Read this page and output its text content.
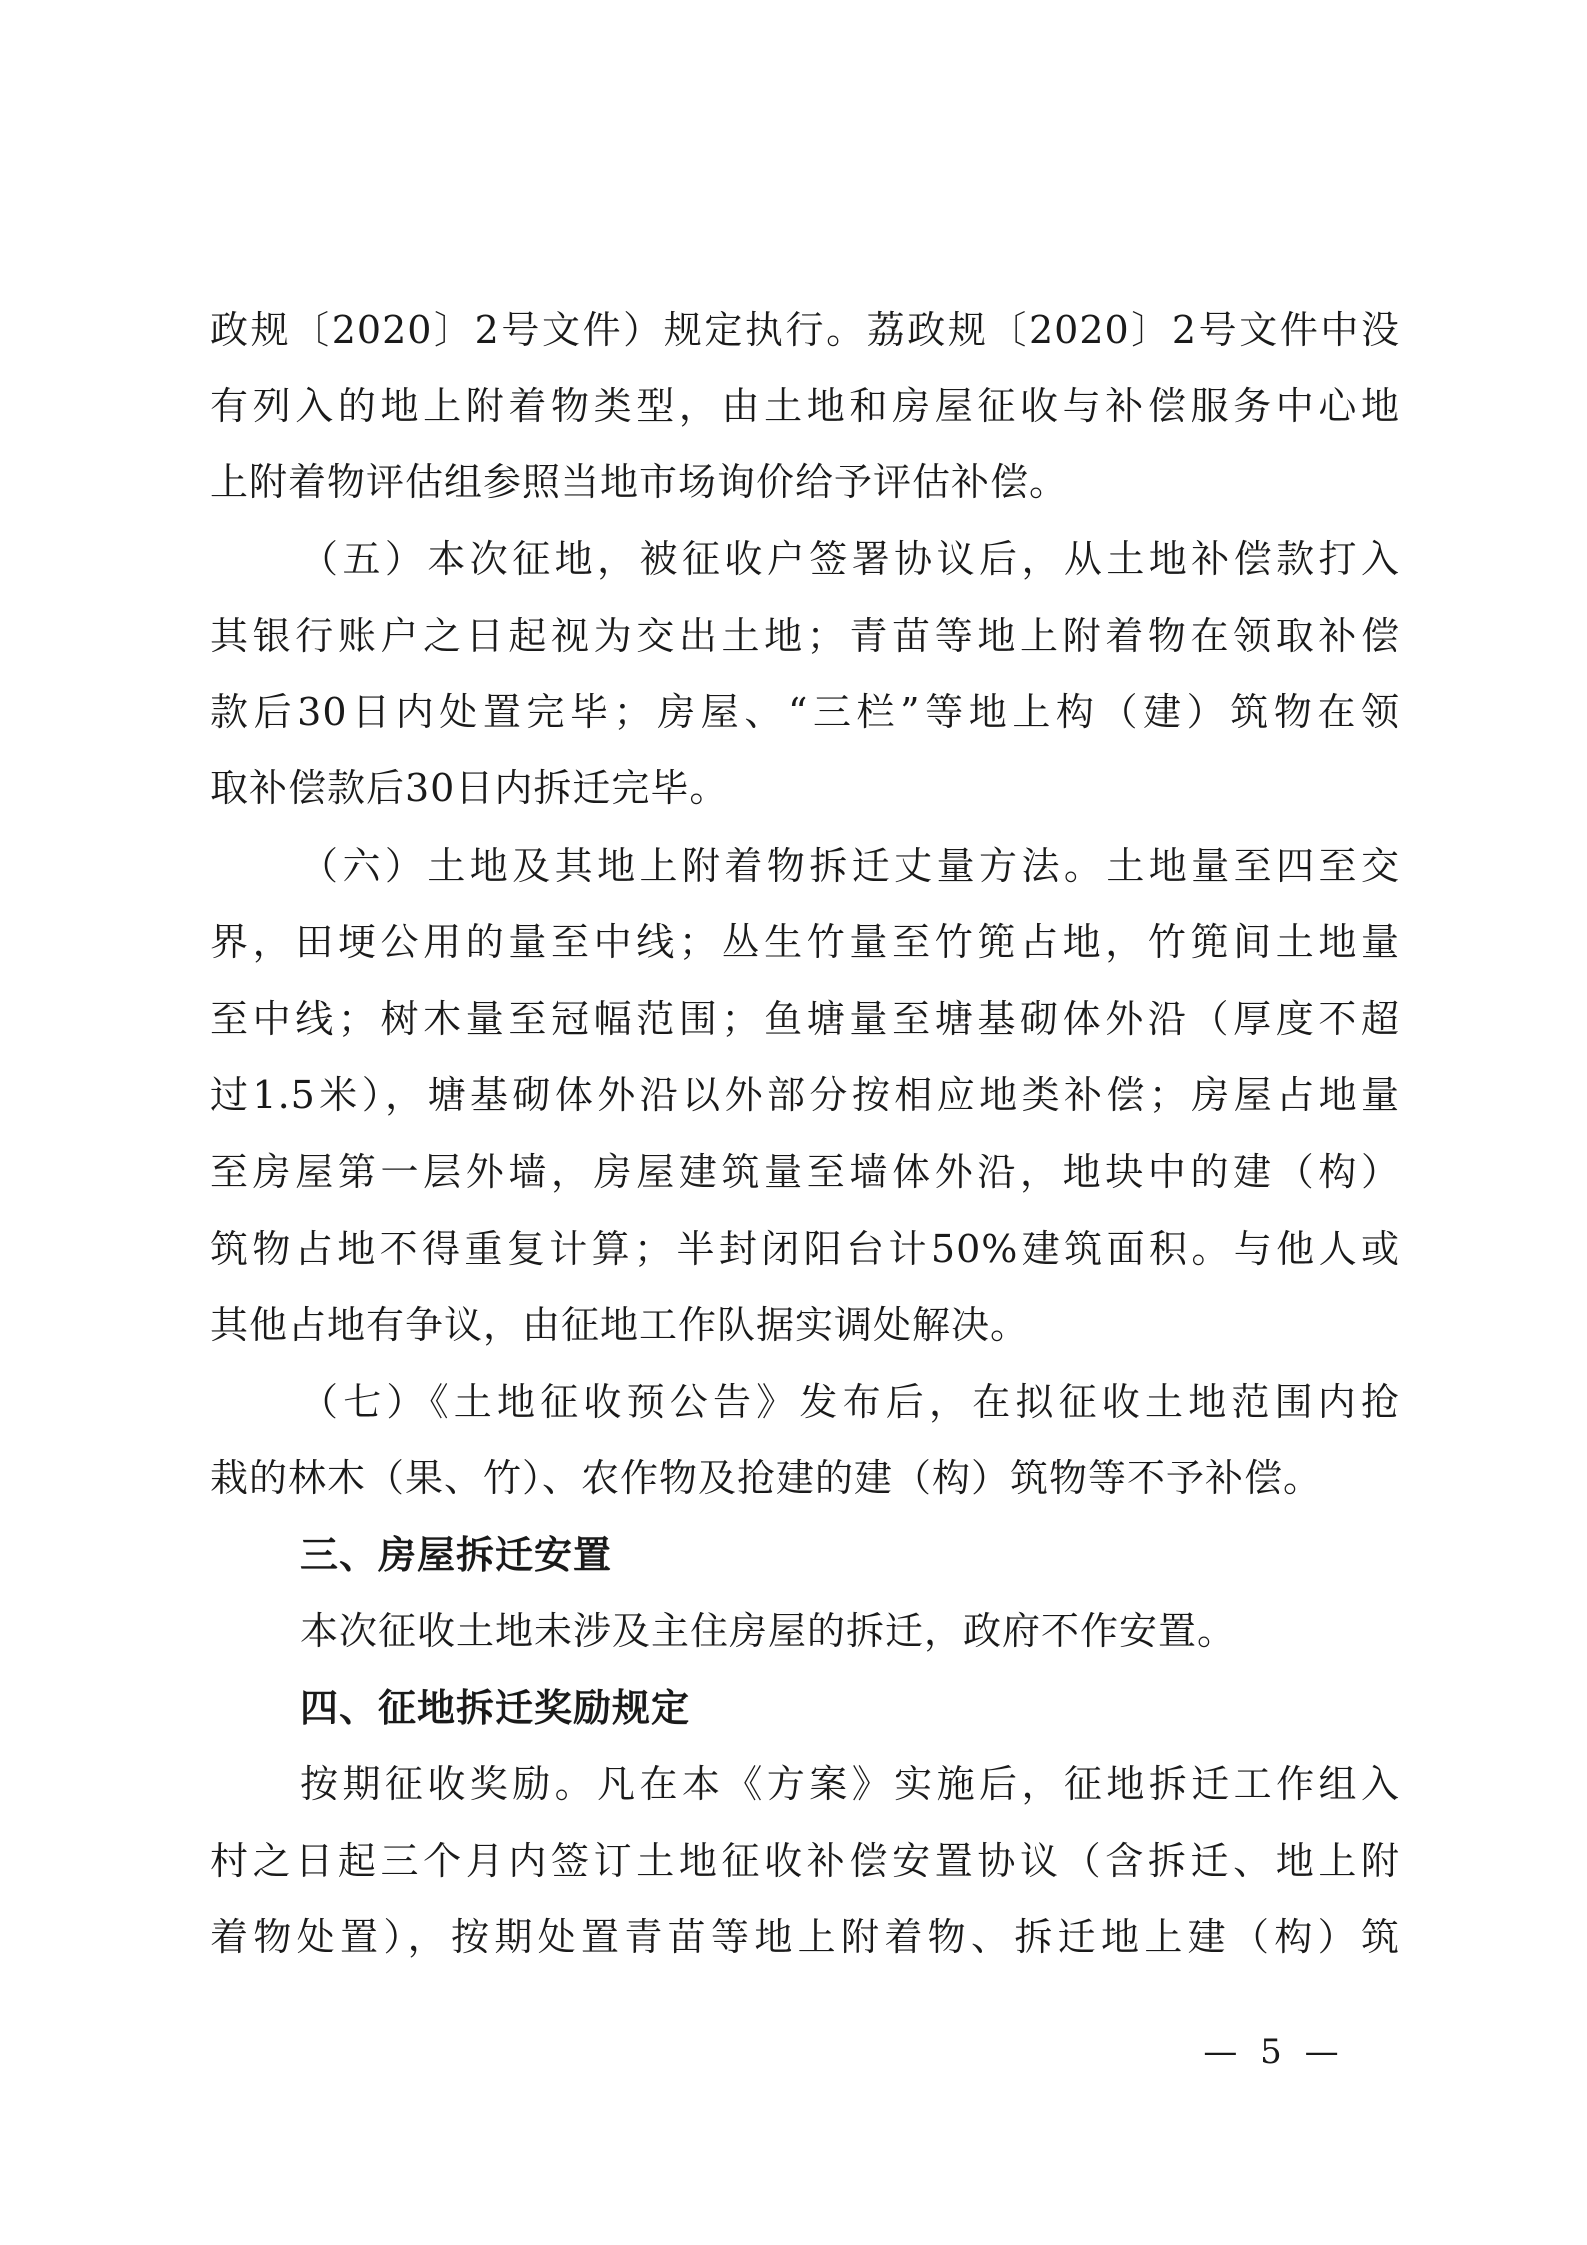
政规〔2020〕2号文件）规定执行。荔政规〔2020〕2号文件中没
有列入的地上附着物类型，由土地和房屋征收与补偿服务中心地
上附着物评估组参照当地市场询价给予评估补偿。
（五）本次征地，被征收户签署协议后，从土地补偿款打入
其银行账户之日起视为交出土地；青苗等地上附着物在领取补偿
款后30日内处置完毕；房屋、“三栏”等地上构（建）筑物在领
取补偿款后30日内拆迁完毕。
（六）土地及其地上附着物拆迁丈量方法。土地量至四至交
界，田埂公用的量至中线；丛生竹量至竹篼占地，竹篼间土地量
至中线；树木量至冠幅范围；鱼塘量至塘基砌体外沿（厚度不超
过1.5米），塘基砌体外沿以外部分按相应地类补偿；房屋占地量
至房屋第一层外墙，房屋建筑量至墙体外沿，地块中的建（构）
筑物占地不得重复计算；半封闭阳台计50%建筑面积。与他人或
其他占地有争议，由征地工作队据实调处解决。
（七）《土地征收预公告》发布后，在拟征收土地范围内抢
栽的林木（果、竹）、农作物及抢建的建（构）筑物等不予补偿。
三、房屋拆迁安置
本次征收土地未涉及主住房屋的拆迁，政府不作安置。
四、征地拆迁奖励规定
按期征收奖励。凡在本《方案》实施后，征地拆迁工作组入
村之日起三个月内签订土地征收补偿安置协议（含拆迁、地上附
着物处置），按期处置青苗等地上附着物、拆迁地上建（构）筑
— 5 —
